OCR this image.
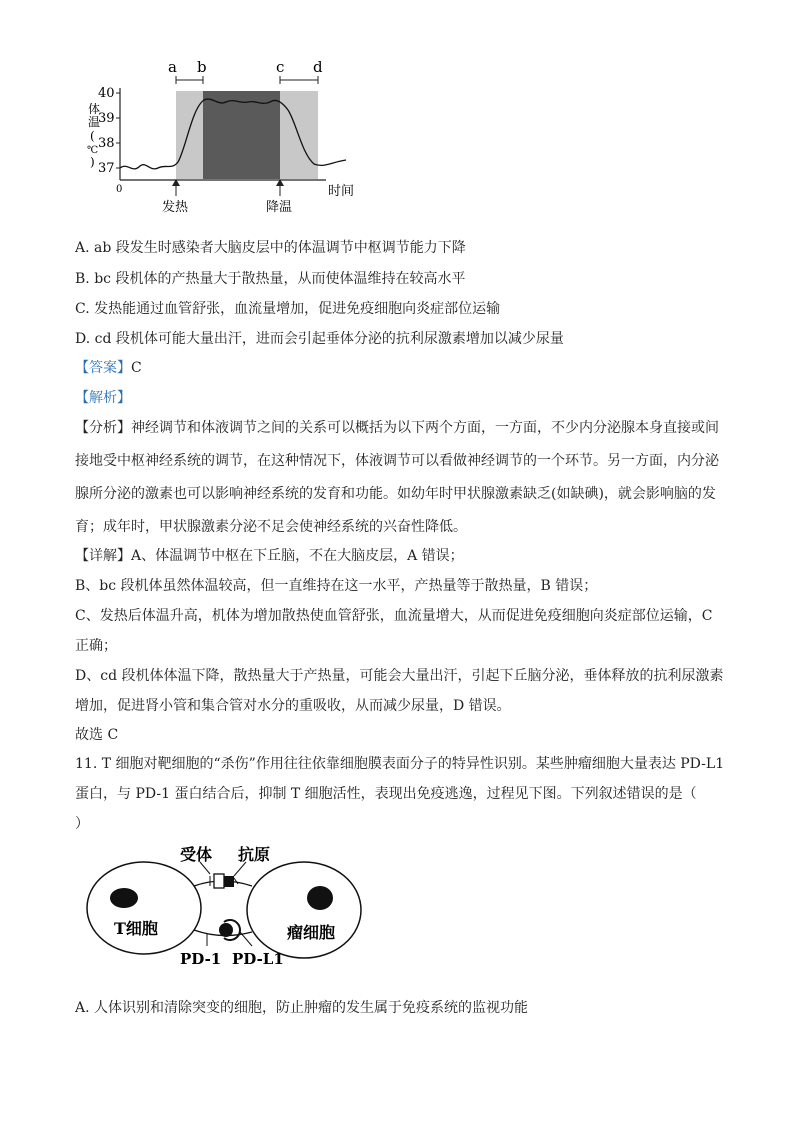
40
39
38
37
体
温
(
℃
)
0	时间
a b	c d
发热	降温
A. ab 段发生时感染者大脑皮层中的体温调节中枢调节能力下降
B. bc 段机体的产热量大于散热量，从而使体温维持在较高水平
C. 发热能通过血管舒张，血流量增加，促进免疫细胞向炎症部位运输
D. cd 段机体可能大量出汗，进而会引起垂体分泌的抗利尿激素增加以减少尿量
【答案】C
【解析】
【分析】神经调节和体液调节之间的关系可以概括为以下两个方面，一方面，不少内分泌腺本身直接或间
接地受中枢神经系统的调节，在这种情况下，体液调节可以看做神经调节的一个环节。另一方面，内分泌
腺所分泌的激素也可以影响神经系统的发育和功能。如幼年时甲状腺激素缺乏(如缺碘)，就会影响脑的发
育；成年时，甲状腺激素分泌不足会使神经系统的兴奋性降低。
【详解】A、体温调节中枢在下丘脑，不在大脑皮层，A 错误；
B、bc 段机体虽然体温较高，但一直维持在这一水平，产热量等于散热量，B 错误；
C、发热后体温升高，机体为增加散热使血管舒张，血流量增大，从而促进免疫细胞向炎症部位运输，C
正确；
D、cd 段机体体温下降，散热量大于产热量，可能会大量出汗，引起下丘脑分泌，垂体释放的抗利尿激素
增加，促进肾小管和集合管对水分的重吸收，从而减少尿量，D 错误。
故选 C
11. T 细胞对靶细胞的“杀伤”作用往往依靠细胞膜表面分子的特异性识别。某些肿瘤细胞大量表达 PD-L1
蛋白，与 PD-1 蛋白结合后，抑制 T 细胞活性，表现出免疫逃逸，过程见下图。下列叙述错误的是（
）
T细胞	瘤细胞
受体 抗原
PD-1 PD-L1
A. 人体识别和清除突变的细胞，防止肿瘤的发生属于免疫系统的监视功能
